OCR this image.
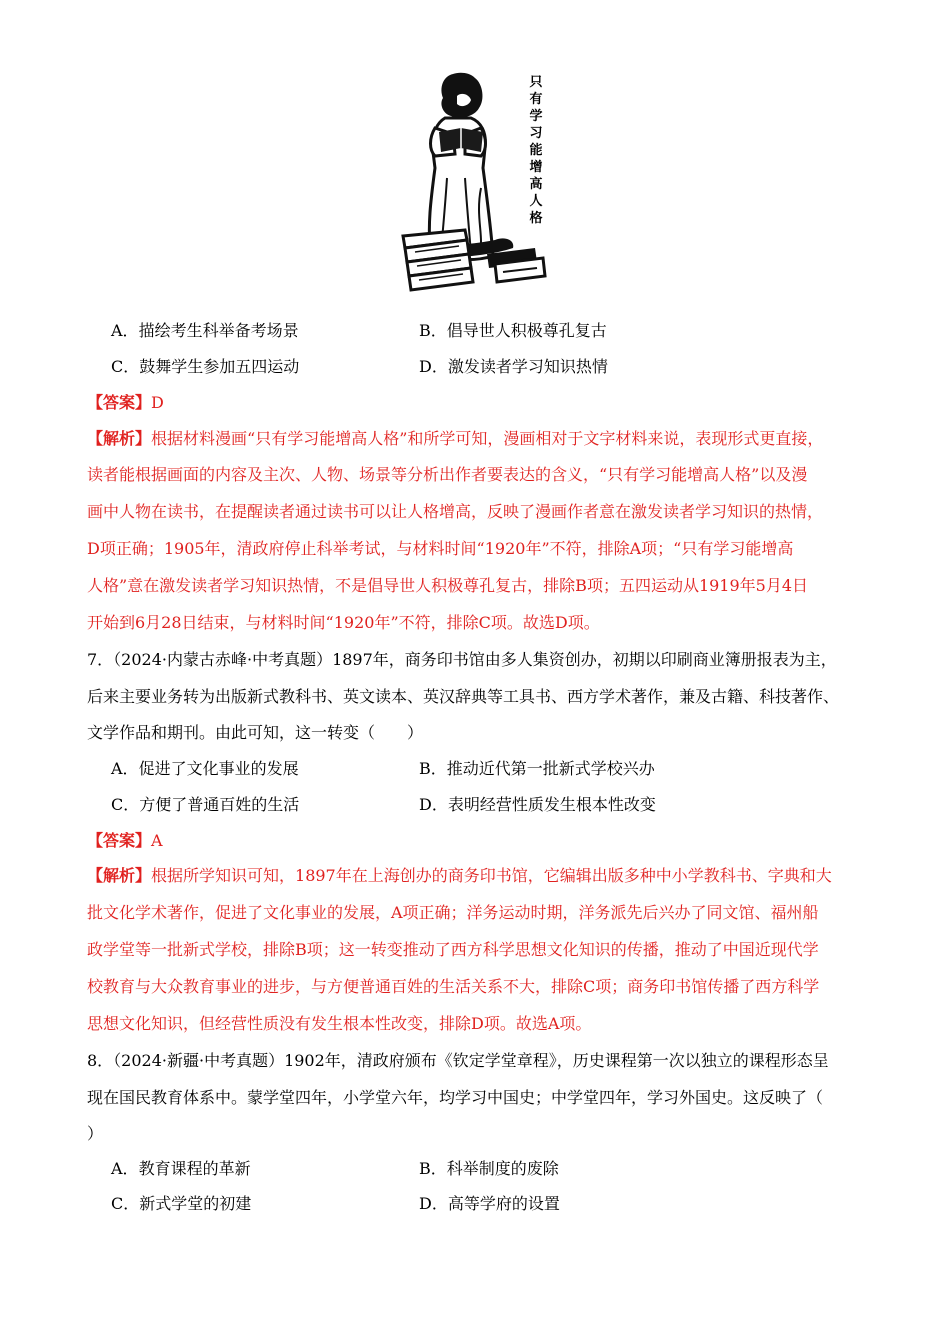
只有学习能增高人格
A．描绘考生科举备考场景	B．倡导世人积极尊孔复古
C．鼓舞学生参加五四运动	D．激发读者学习知识热情
【答案】D
【解析】根据材料漫画“只有学习能增高人格”和所学可知，漫画相对于文字材料来说，表现形式更直接，
读者能根据画面的内容及主次、人物、场景等分析出作者要表达的含义，“只有学习能增高人格”以及漫
画中人物在读书，在提醒读者通过读书可以让人格增高，反映了漫画作者意在激发读者学习知识的热情，
D项正确；1905年，清政府停止科举考试，与材料时间“1920年”不符，排除A项；“只有学习能增高
人格”意在激发读者学习知识热情，不是倡导世人积极尊孔复古，排除B项；五四运动从1919年5月4日
开始到6月28日结束，与材料时间“1920年”不符，排除C项。故选D项。
7．（2024·内蒙古赤峰·中考真题）1897年，商务印书馆由多人集资创办，初期以印刷商业簿册报表为主，
后来主要业务转为出版新式教科书、英文读本、英汉辞典等工具书、西方学术著作，兼及古籍、科技著作、
文学作品和期刊。由此可知，这一转变（　　）
A．促进了文化事业的发展	B．推动近代第一批新式学校兴办
C．方便了普通百姓的生活	D．表明经营性质发生根本性改变
【答案】A
【解析】根据所学知识可知，1897年在上海创办的商务印书馆，它编辑出版多种中小学教科书、字典和大
批文化学术著作，促进了文化事业的发展，A项正确；洋务运动时期，洋务派先后兴办了同文馆、福州船
政学堂等一批新式学校，排除B项；这一转变推动了西方科学思想文化知识的传播，推动了中国近现代学
校教育与大众教育事业的进步，与方便普通百姓的生活关系不大，排除C项；商务印书馆传播了西方科学
思想文化知识，但经营性质没有发生根本性改变，排除D项。故选A项。
8．（2024·新疆·中考真题）1902年，清政府颁布《钦定学堂章程》，历史课程第一次以独立的课程形态呈
现在国民教育体系中。蒙学堂四年，小学堂六年，均学习中国史；中学堂四年，学习外国史。这反映了（
）
A．教育课程的革新	B．科举制度的废除
C．新式学堂的初建	D．高等学府的设置
